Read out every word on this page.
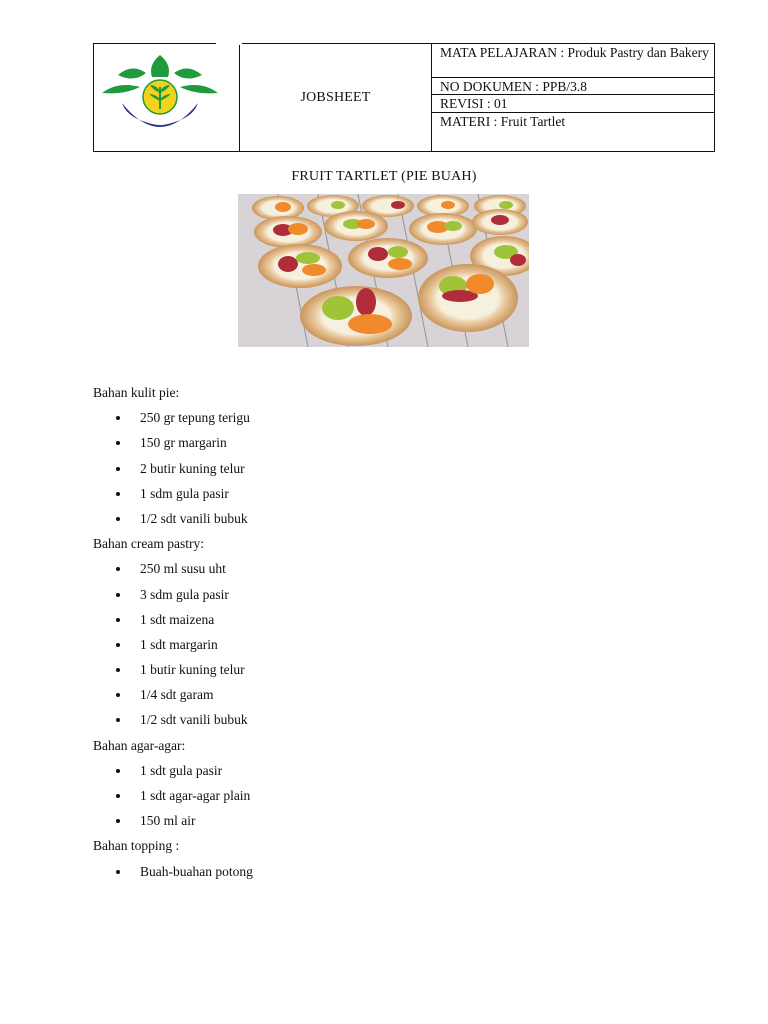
JOBSHEET
MATA PELAJARAN : Produk Pastry dan Bakery
NO DOKUMEN : PPB/3.8
REVISI : 01
MATERI : Fruit Tartlet
FRUIT TARTLET (PIE BUAH)
Bahan kulit pie:
250 gr tepung terigu
150 gr margarin
2 butir kuning telur
1 sdm gula pasir
1/2 sdt vanili bubuk
Bahan cream pastry:
250 ml susu uht
3 sdm gula pasir
1 sdt maizena
1 sdt margarin
1 butir kuning telur
1/4 sdt garam
1/2 sdt vanili bubuk
Bahan agar-agar:
1 sdt gula pasir
1 sdt agar-agar plain
150 ml air
Bahan topping :
Buah-buahan potong
